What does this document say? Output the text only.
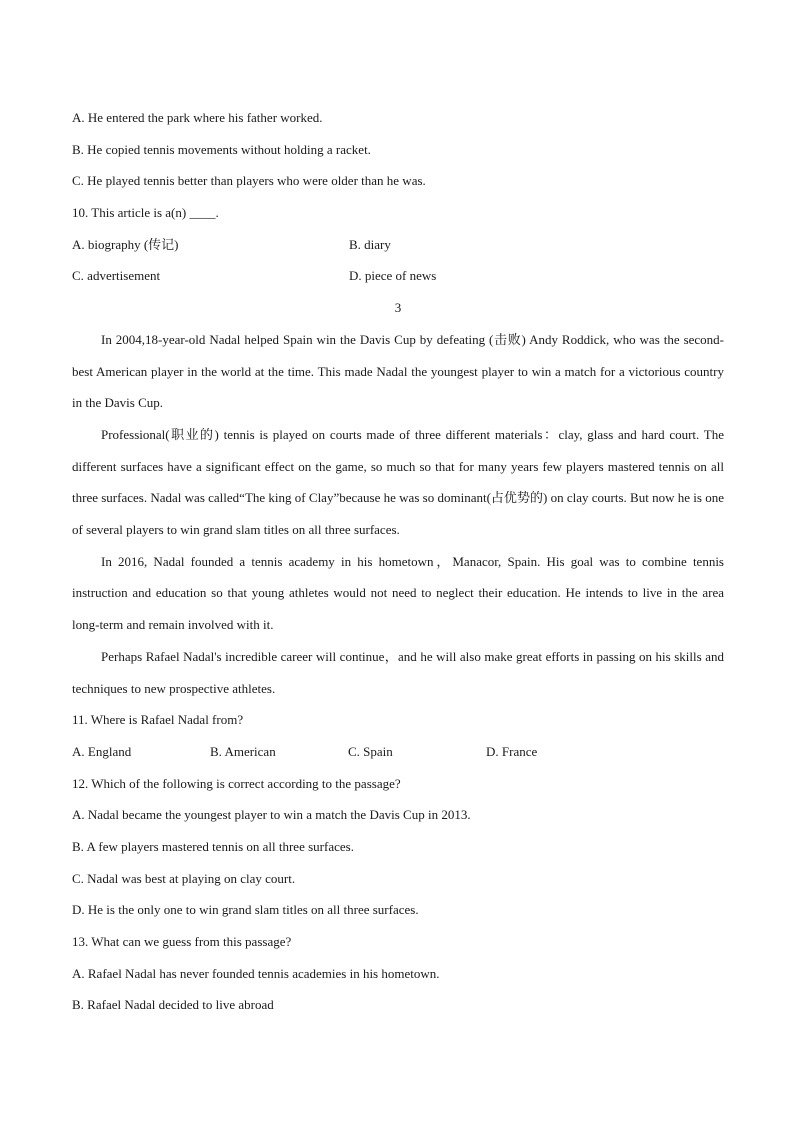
A. He entered the park where his father worked.
B. He copied tennis movements without holding a racket.
C. He played tennis better than players who were older than he was.
10. This article is a(n) ____.
A. biography (传记)	B. diary
C. advertisement	D. piece of news
3
In 2004,18-year-old Nadal helped Spain win the Davis Cup by defeating (击败) Andy Roddick, who was the second-best American player in the world at the time. This made Nadal the youngest player to win a match for a victorious country in the Davis Cup.
Professional(职业的) tennis is played on courts made of three different materials：clay, glass and hard court. The different surfaces have a significant effect on the game, so much so that for many years few players mastered tennis on all three surfaces. Nadal was called“The king of Clay”because he was so dominant(占优势的) on clay courts. But now he is one of several players to win grand slam titles on all three surfaces.
In 2016, Nadal founded a tennis academy in his hometown，Manacor, Spain. His goal was to combine tennis instruction and education so that young athletes would not need to neglect their education. He intends to live in the area long-term and remain involved with it.
Perhaps Rafael Nadal's incredible career will continue，and he will also make great efforts in passing on his skills and techniques to new prospective athletes.
11. Where is Rafael Nadal from?
A. England	B. American	C. Spain	D. France
12. Which of the following is correct according to the passage?
A. Nadal became the youngest player to win a match the Davis Cup in 2013.
B. A few players mastered tennis on all three surfaces.
C. Nadal was best at playing on clay court.
D. He is the only one to win grand slam titles on all three surfaces.
13. What can we guess from this passage?
A. Rafael Nadal has never founded tennis academies in his hometown.
B. Rafael Nadal decided to live abroad
